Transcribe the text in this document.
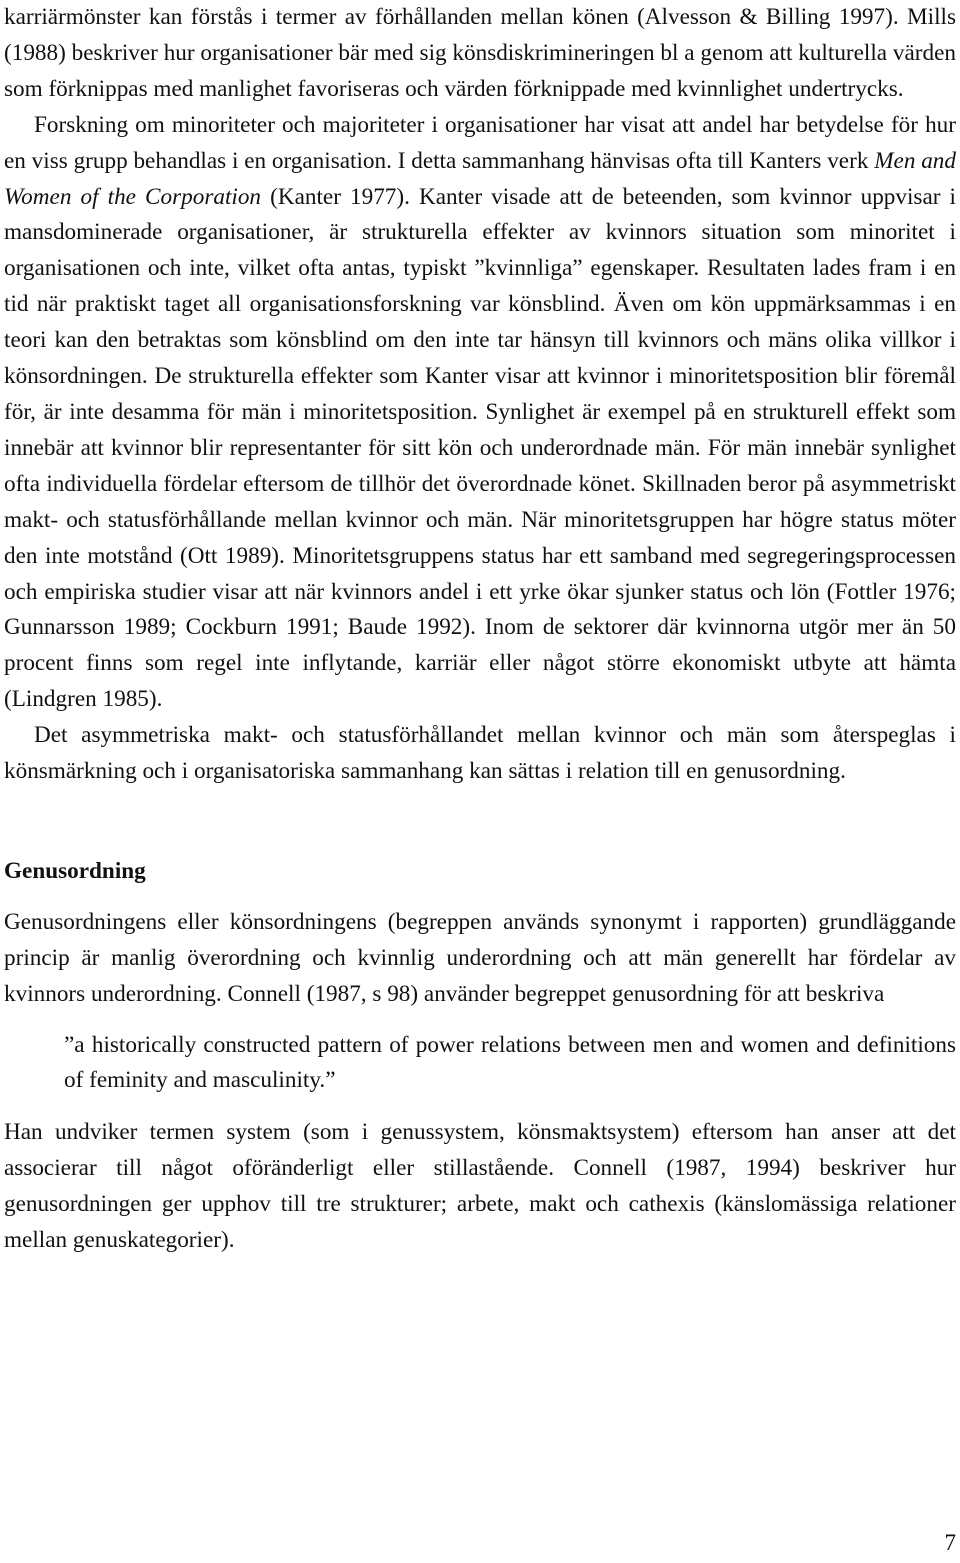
karriärmönster kan förstås i termer av förhållanden mellan könen (Alvesson & Billing 1997). Mills (1988) beskriver hur organisationer bär med sig könsdiskrimineringen bl a genom att kulturella värden som förknippas med manlighet favoriseras och värden förknippade med kvinnlighet undertrycks.

Forskning om minoriteter och majoriteter i organisationer har visat att andel har betydelse för hur en viss grupp behandlas i en organisation. I detta sammanhang hänvisas ofta till Kanters verk Men and Women of the Corporation (Kanter 1977). Kanter visade att de beteenden, som kvinnor uppvisar i mansdominerade organisationer, är strukturella effekter av kvinnors situation som minoritet i organisationen och inte, vilket ofta antas, typiskt ”kvinnliga” egenskaper. Resultaten lades fram i en tid när praktiskt taget all organisationsforskning var könsblind. Även om kön uppmärksammas i en teori kan den betraktas som könsblind om den inte tar hänsyn till kvinnors och mäns olika villkor i könsordningen. De strukturella effekter som Kanter visar att kvinnor i minoritetsposition blir föremål för, är inte desamma för män i minoritetsposition. Synlighet är exempel på en strukturell effekt som innebär att kvinnor blir representanter för sitt kön och underordnade män. För män innebär synlighet ofta individuella fördelar eftersom de tillhör det överordnade könet. Skillnaden beror på asymmetriskt makt- och statusförhållande mellan kvinnor och män. När minoritetsgruppen har högre status möter den inte motstånd (Ott 1989). Minoritetsgruppens status har ett samband med segregeringsprocessen och empiriska studier visar att när kvinnors andel i ett yrke ökar sjunker status och lön (Fottler 1976; Gunnarsson 1989; Cockburn 1991; Baude 1992). Inom de sektorer där kvinnorna utgör mer än 50 procent finns som regel inte inflytande, karriär eller något större ekonomiskt utbyte att hämta (Lindgren 1985).

Det asymmetriska makt- och statusförhållandet mellan kvinnor och män som återspeglas i könsmärkning och i organisatoriska sammanhang kan sättas i relation till en genusordning.

Genusordning

Genusordningens eller könsordningens (begreppen används synonymt i rapporten) grundläggande princip är manlig överordning och kvinnlig underordning och att män generellt har fördelar av kvinnors underordning. Connell (1987, s 98) använder begreppet genusordning för att beskriva

”a historically constructed pattern of power relations between men and women and definitions of feminity and masculinity.”

Han undviker termen system (som i genussystem, könsmaktsystem) eftersom han anser att det associerar till något oföränderligt eller stillastående. Connell (1987, 1994) beskriver hur genusordningen ger upphov till tre strukturer; arbete, makt och cathexis (känslomässiga relationer mellan genuskategorier).

7
